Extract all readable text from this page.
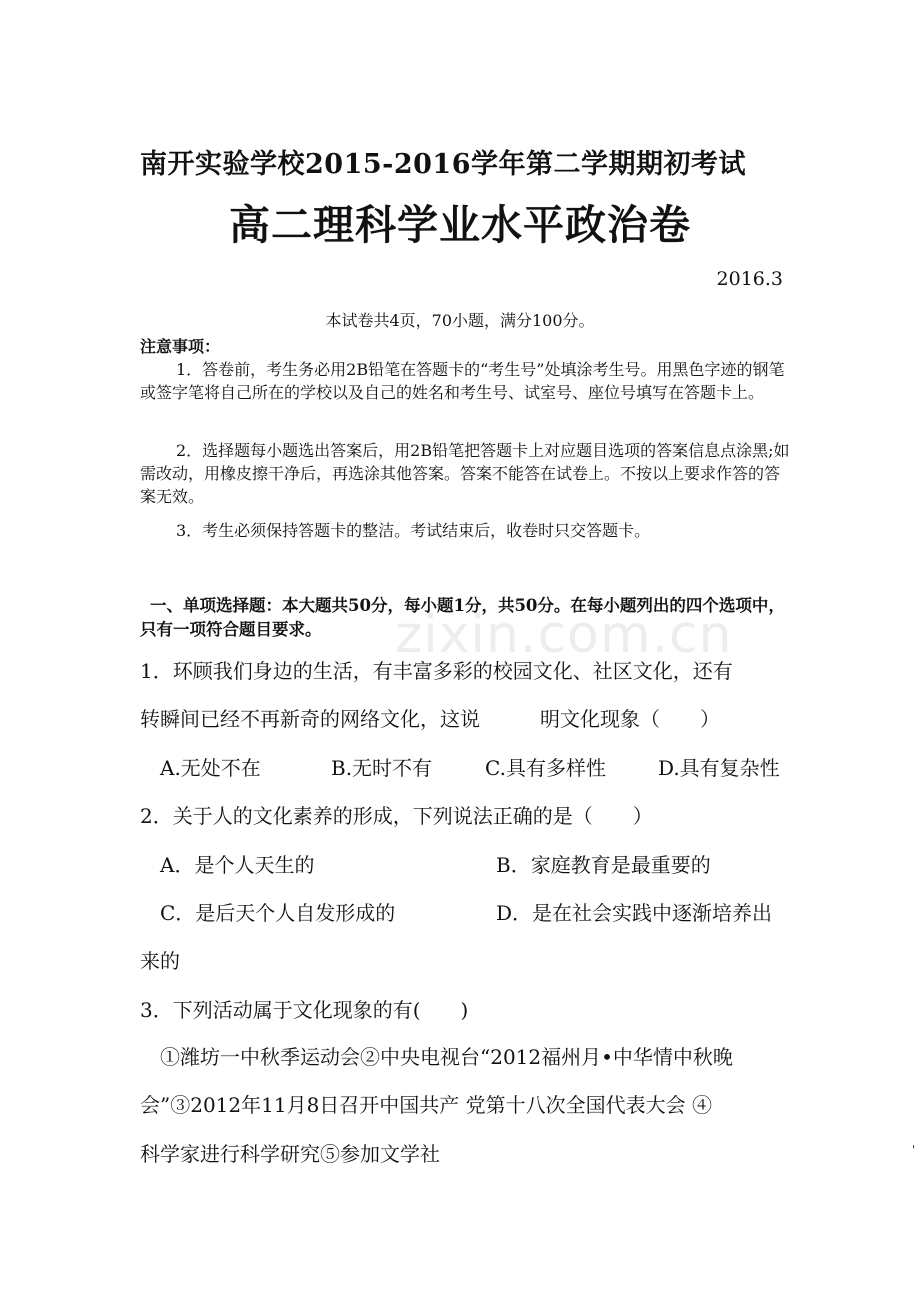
zixin.com.cn
南开实验学校2015-2016学年第二学期期初考试
高二理科学业水平政治卷
2016.3
本试卷共4页，70小题，满分100分。
注意事项：
1．答卷前，考生务必用2B铅笔在答题卡的“考生号”处填涂考生号。用黑色字迹的钢笔或签字笔将自己所在的学校以及自己的姓名和考生号、试室号、座位号填写在答题卡上。
2．选择题每小题选出答案后，用2B铅笔把答题卡上对应题目选项的答案信息点涂黑;如需改动，用橡皮擦干净后，再选涂其他答案。答案不能答在试卷上。不按以上要求作答的答案无效。
3．考生必须保持答题卡的整洁。考试结束后，收卷时只交答题卡。
一、单项选择题：本大题共50分，每小题1分，共50分。在每小题列出的四个选项中，只有一项符合题目要求。
1．环顾我们身边的生活，有丰富多彩的校园文化、社区文化，还有
转瞬间已经不再新奇的网络文化，这说　　　明文化现象（　　）
A.无处不在	B.无时不有	C.具有多样性	D.具有复杂性
2．关于人的文化素养的形成，下列说法正确的是（　　）
A．是个人天生的	B．家庭教育是最重要的
C．是后天个人自发形成的	D．是在社会实践中逐渐培养出
来的
3．下列活动属于文化现象的有(　　)
①潍坊一中秋季运动会②中央电视台“2012福州月•中华情中秋晚
会”③2012年11月8日召开中国共产 党第十八次全国代表大会 ④
科学家进行科学研究⑤参加文学社	'
